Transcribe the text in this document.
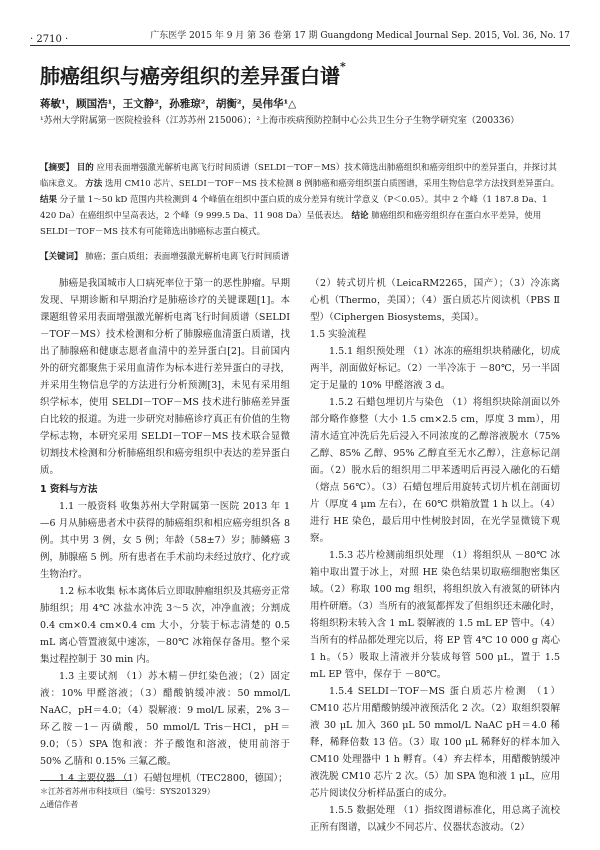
· 2710 ·	广东医学 2015 年 9 月 第 36 卷第 17 期 Guangdong Medical Journal Sep. 2015, Vol. 36, No. 17
肺癌组织与癌旁组织的差异蛋白谱*
蒋敏¹，顾国浩¹，王文静²，孙雅琼²，胡衡²，吴伟华¹△
¹苏州大学附属第一医院检验科（江苏苏州 215006）；²上海市疾病预防控制中心公共卫生分子生物学研究室（200336）
【摘要】 目的 应用表面增强激光解析电离飞行时间质谱（SELDI－TOF－MS）技术筛选出肺癌组织和癌旁组织中的差异蛋白，并探讨其临床意义。 方法 选用 CM10 芯片、SELDI－TOF－MS 技术检测 8 例肺癌和癌旁组织蛋白质图谱，采用生物信息学方法找到差异蛋白。 结果 分子量 1～50 kD 范围内共检测到 4 个峰值在组织中蛋白质的成分差异有统计学意义（P＜0.05）。其中 2 个峰（1 187.8 Da、1 420 Da）在癌组织中呈高表达，2 个峰（9 999.5 Da、11 908 Da）呈低表达。 结论 肺癌组织和癌旁组织存在蛋白水平差异，使用 SELDI－TOF－MS 技术有可能筛选出肺癌标志蛋白模式。
【关键词】 肺癌；蛋白质组；表面增强激光解析电离飞行时间质谱

肺癌是我国城市人口病死率位于第一的恶性肿瘤。早期发现、早期诊断和早期治疗是肺癌诊疗的关键课题[1]。本课题组曾采用表面增强激光解析电离飞行时间质谱（SELDI－TOF－MS）技术检测和分析了肺腺癌血清蛋白质谱，找出了肺腺癌和健康志愿者血清中的差异蛋白[2]。目前国内外的研究都聚焦于采用血清作为标本进行差异蛋白的寻找，并采用生物信息学的方法进行分析预测[3]，未见有采用组织学标本，使用 SELDI－TOF－MS 技术进行肺癌差异蛋白比较的报道。为进一步研究对肺癌诊疗真正有价值的生物学标志物，本研究采用 SELDI－TOF－MS 技术联合显微切割技术检测和分析肺癌组织和癌旁组织中表达的差异蛋白质。

1 资料与方法

1.1 一般资料 收集苏州大学附属第一医院 2013 年 1—6 月从肺癌患者术中获得的肺癌组织和相应癌旁组织各 8 例。其中男 3 例，女 5 例；年龄（58±7）岁；肺鳞癌 3 例，肺腺癌 5 例。所有患者在手术前均未经过放疗、化疗或生物治疗。

1.2 标本收集 标本离体后立即取肿瘤组织及其癌旁正常肺组织；用 4℃ 冰盐水冲洗 3～5 次，冲净血液；分割成 0.4 cm×0.4 cm×0.4 cm 大小，分装于标志清楚的 0.5 mL 离心管置液氮中速冻，－80℃ 冰箱保存备用。整个采集过程控制于 30 min 内。

1.3 主要试剂 （1）苏木精－伊红染色液；（2）固定液：10% 甲醛溶液；（3）醋酸钠缓冲液：50 mmol/L NaAC，pH＝4.0；（4）裂解液：9 mol/L 尿素，2% 3－环乙胺－1－丙磺酸，50 mmol/L Tris－HCl，pH＝9.0；（5）SPA 饱和液：芥子酸饱和溶液，使用前溶于 50% 乙腈和 0.15% 三氟乙酸。

1.4 主要仪器 （1）石蜡包埋机（TEC2800，德国）；

（2）转式切片机（LeicaRM2265，国产）；（3）冷冻离心机（Thermo，美国）；（4）蛋白质芯片阅读机（PBS Ⅱ 型）（Ciphergen Biosystems，美国）。

1.5 实验流程

1.5.1 组织预处理 （1）冰冻的癌组织块稍融化，切成两半，剖面做好标记。（2）一半冷冻于 －80℃，另一半固定于足量的 10% 甲醛溶液 3 d。

1.5.2 石蜡包埋切片与染色 （1）将组织块除剖面以外部分略作修整（大小 1.5 cm×2.5 cm，厚度 3 mm），用清水适宜冲洗后先后浸入不同浓度的乙醇溶液脱水（75% 乙醇、85% 乙醇、95% 乙醇直至无水乙醇），注意标记剖面。（2）脱水后的组织用二甲苯透明后再浸入融化的石蜡（熔点 56℃）。（3）石蜡包埋后用旋转式切片机在剖面切片（厚度 4 μm 左右），在 60℃ 烘箱放置 1 h 以上。（4）进行 HE 染色，最后用中性树胶封固，在光学显微镜下观察。

1.5.3 芯片检测前组织处理 （1）将组织从 －80℃ 冰箱中取出置于冰上，对照 HE 染色结果切取癌细胞密集区域。（2）称取 100 mg 组织，将组织放入有液氮的研钵内用杵研磨。（3）当所有的液氮都挥发了但组织还未融化时，将组织粉末转入含 1 mL 裂解液的 1.5 mL EP 管中。（4）当所有的样品都处理完以后，将 EP 管 4℃ 10 000 g 离心 1 h。（5）吸取上清液并分装成每管 500 μL，置于 1.5 mL EP 管中，保存于 －80℃。

1.5.4 SELDI－TOF－MS 蛋白质芯片检测 （1）CM10 芯片用醋酸钠缓冲液预活化 2 次。（2）取组织裂解液 30 μL 加入 360 μL 50 mmol/L NaAC pH＝4.0 稀释，稀释倍数 13 倍。（3）取 100 μL 稀释好的样本加入 CM10 处理器中 1 h 孵育。（4）弃去样本，用醋酸钠缓冲液洗脱 CM10 芯片 2 次。（5）加 SPA 饱和液 1 μL，应用芯片阅读仪分析样品蛋白的成分。

1.5.5 数据处理 （1）指纹图谱标准化，用总离子流校正所有图谱，以减少不同芯片、仪器状态波动。（2）

＊江苏省苏州市科技项目（编号：SYS201329）
△通信作者
